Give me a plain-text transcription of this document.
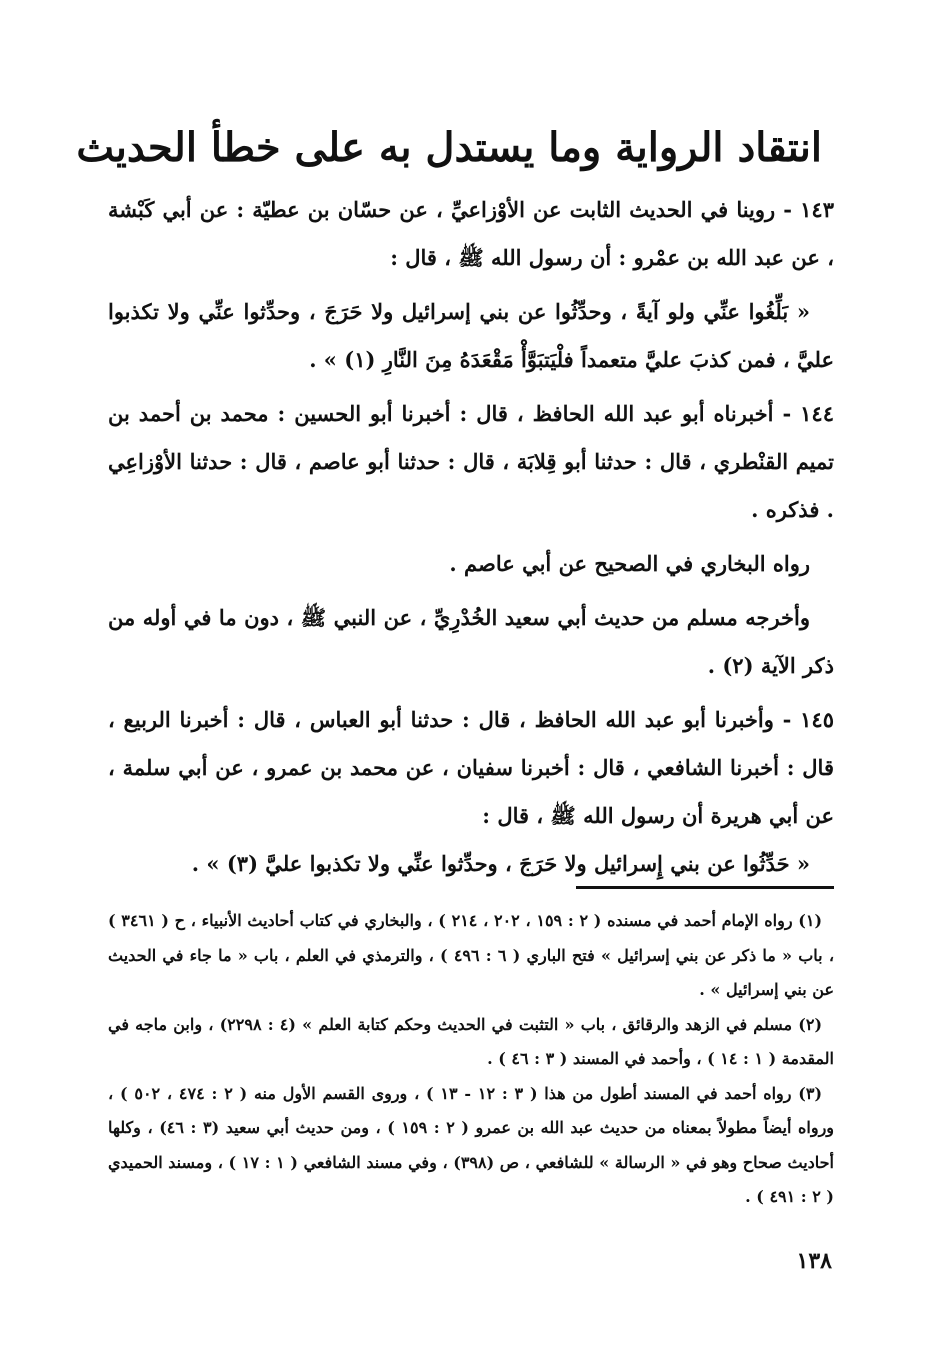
انتقاد الرواية وما يستدل به على خطأ الحديث

١٤٣ - روينا في الحديث الثابت عن الأوْزاعيِّ ، عن حسّان بن عطيّة : عن أبي كَبْشة ، عن عبد الله بن عمْرو : أن رسول الله ﷺ ، قال :

« بَلِّغُوا عنِّي ولو آيةً ، وحدِّثُوا عن بني إسرائيل ولا حَرَجَ ، وحدِّثوا عنِّي ولا تكذبوا عليَّ ، فمن كذبَ عليَّ متعمداً فلْيَتبَوَّأْ مَقْعَدَهُ مِنَ النَّارِ (١) » .

١٤٤ - أخبرناه أبو عبد الله الحافظ ، قال : أخبرنا أبو الحسين : محمد بن أحمد بن تميم القنْطري ، قال : حدثنا أبو قِلابَة ، قال : حدثنا أبو عاصم ، قال : حدثنا الأوْزاعِي . فذكره .

رواه البخاري في الصحيح عن أبي عاصم .

وأخرجه مسلم من حديث أبي سعيد الخُدْرِيِّ ، عن النبي ﷺ ، دون ما في أوله من ذكر الآية (٢) .

١٤٥ - وأخبرنا أبو عبد الله الحافظ ، قال : حدثنا أبو العباس ، قال : أخبرنا الربيع ، قال : أخبرنا الشافعي ، قال : أخبرنا سفيان ، عن محمد بن عمرو ، عن أبي سلمة ، عن أبي هريرة أن رسول الله ﷺ ، قال :

« حَدِّثُوا عن بني إِسرائيل ولا حَرَجَ ، وحدِّثوا عنِّي ولا تكذبوا عليَّ (٣) » .

(١) رواه الإمام أحمد في مسنده ( ٢ : ١٥٩ ، ٢٠٢ ، ٢١٤ ) ، والبخاري في كتاب أحاديث الأنبياء ، ح ( ٣٤٦١ ) ، باب « ما ذكر عن بني إسرائيل » فتح الباري ( ٦ : ٤٩٦ ) ، والترمذي في العلم ، باب « ما جاء في الحديث عن بني إسرائيل » .

(٢) مسلم في الزهد والرقائق ، باب « التثبت في الحديث وحكم كتابة العلم » (٤ : ٢٢٩٨) ، وابن ماجه في المقدمة ( ١ : ١٤ ) ، وأحمد في المسند ( ٣ : ٤٦ ) .

(٣) رواه أحمد في المسند أطول من هذا ( ٣ : ١٢ - ١٣ ) ، وروى القسم الأول منه ( ٢ : ٤٧٤ ، ٥٠٢ ) ، ورواه أيضاً مطولاً بمعناه من حديث عبد الله بن عمرو ( ٢ : ١٥٩ ) ، ومن حديث أبي سعيد (٣ : ٤٦) ، وكلها أحاديث صحاح وهو في « الرسالة » للشافعي ، ص (٣٩٨) ، وفي مسند الشافعي ( ١ : ١٧ ) ، ومسند الحميدي ( ٢ : ٤٩١ ) .

١٣٨
